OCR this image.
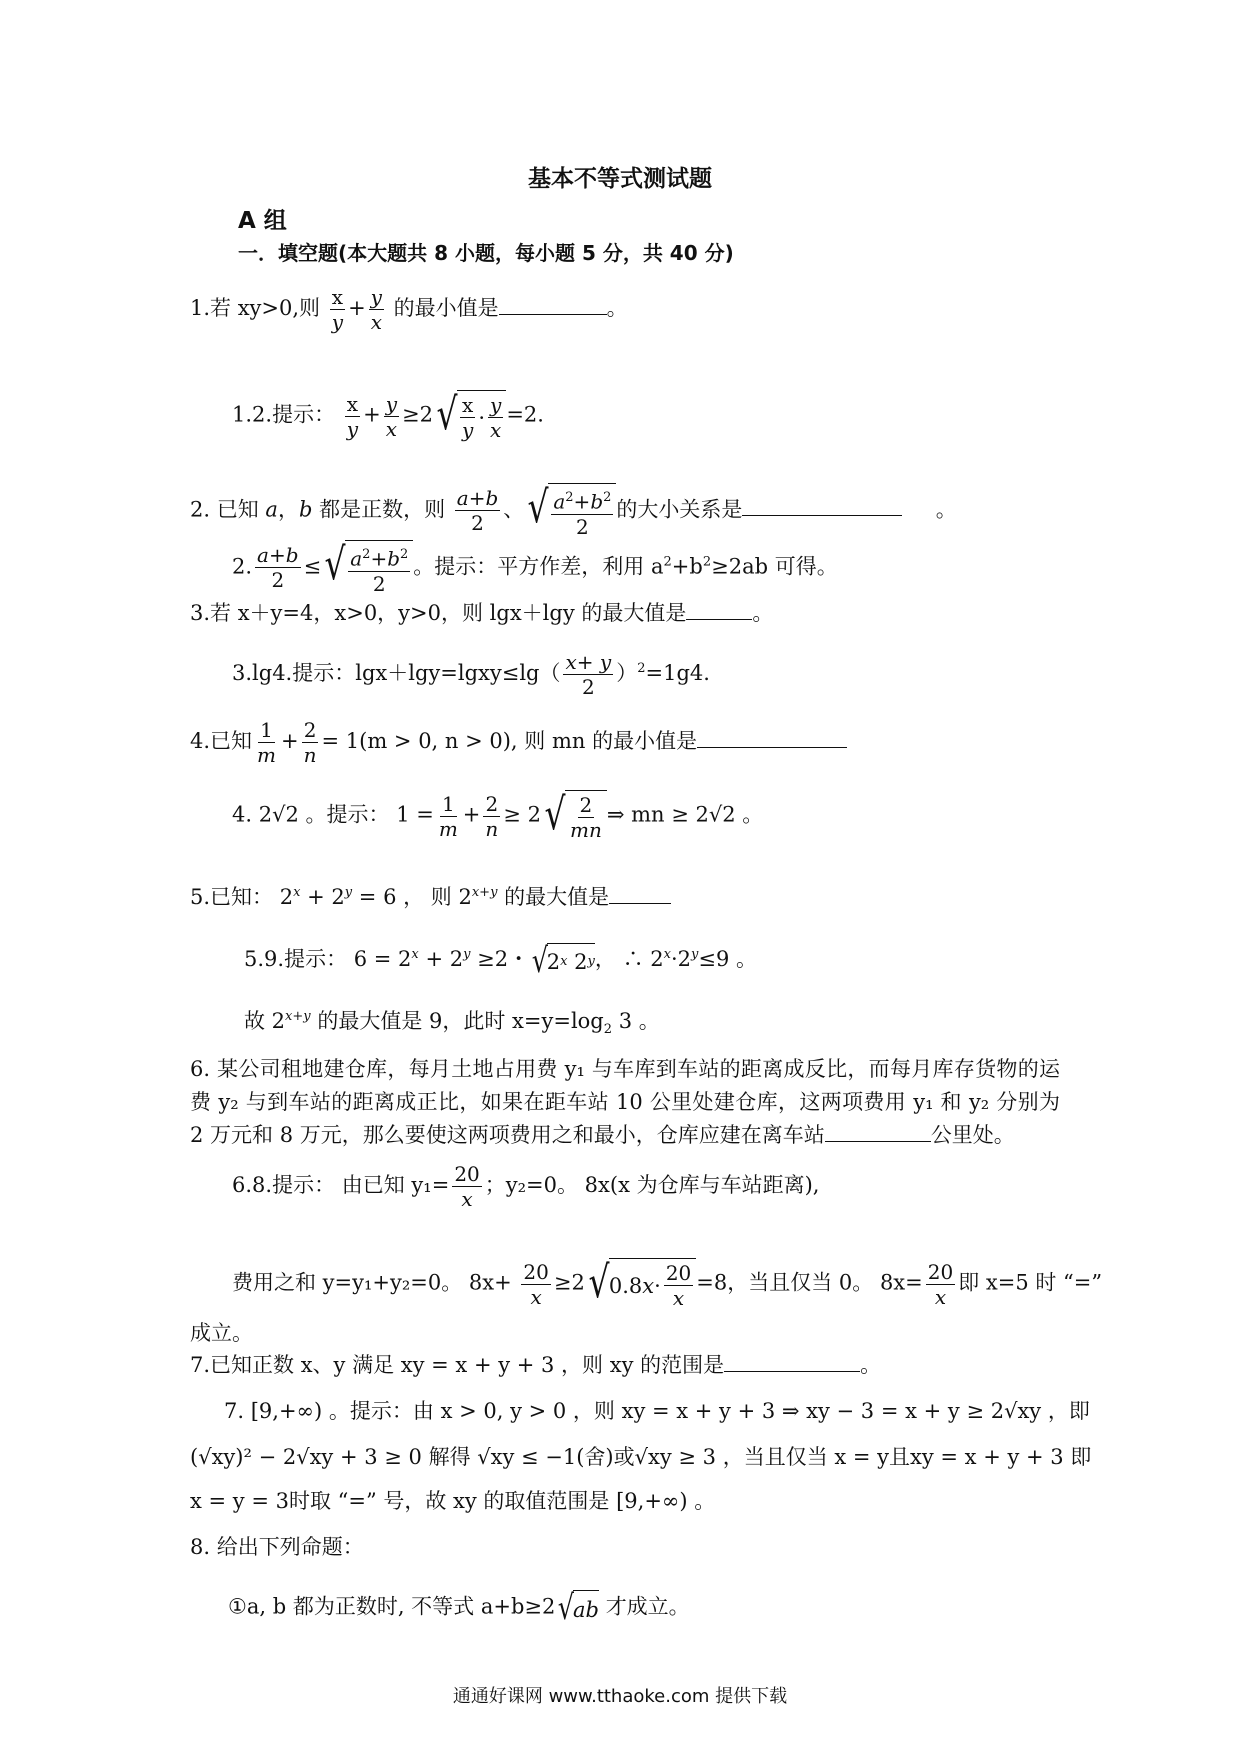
基本不等式测试题
A 组
一．填空题(本大题共 8 小题，每小题 5 分，共 40 分)
1.若 xy>0,则 $\frac{x}{y} + \frac{y}{x}$ 的最小值是	。
1.2.提示： $\frac{x}{y} + \frac{y}{x} \ge 2$ √ $\frac{x}{y} \cdot \frac{y}{x} =2$.
2. 已知 a，b 都是正数，则 $\frac{a+b}{2}$ 、 √ $\frac{a^2+b^2}{2}$ 的大小关系是	。
2. $\frac{a+b}{2}$ ≤ √ $\frac{a^2+b^2}{2}$ 。提示：平方作差，利用 $a^2+b^2\ge 2ab$ 可得。
3.若 x＋y=4，x>0，y>0，则 lgx＋lgy 的最大值是	。
3.lg4.提示：lgx＋lgy=lgxy≤lg（ $\frac{x+ y}{2} )^2=1g4$.
4.已知 $\frac{1}{m} + \frac{2}{n} = 1(m > 0$, n > 0), 则 mn 的最小值是
4. 2√2 。提示： $1 = \frac{1}{m} + \frac{2}{n} \ge 2$ √ $\frac{2}{mn}$ ⇒ mn ≥ 2√2 。
5.已知： $2^x + 2^y = 6$ ， 则 $2^{x+y}$ 的最大值是
5.9.提示： $6 = 2^x + 2^y \ge 2$・ √
2 x 2 y ， ∴ $2^x\cdot 2^y\le 9$ 。
故 $2^{x+y}$ 的最大值是 9，此时 $x=y=\log_2$ 3 。
6. 某公司租地建仓库，每月土地占用费 y₁ 与车库到车站的距离成反比，而每月库存货物的运费 y₂ 与到车站的距离成正比，如果在距车站 10 公里处建仓库，这两项费用 y₁ 和 y₂ 分别为 2 万元和 8 万元，那么要使这两项费用之和最小，仓库应建在离车站	公里处。
6.8.提示： 由已知 $y_1= \frac{20}{x}$ ；y₂=0。 8x(x 为仓库与车站距离),
费用之和 y=y₁+y₂=0。 $8x+ \frac{20}{x} \ge 2$ √ 0.8 $x \cdot \frac{20}{x} =8$，当且仅当 0。 $8x= \frac{20}{x}$ 即 x=5 时 “=”
成立。
7.已知正数 x、y 满足 xy = x + y + 3 ，则 xy 的范围是	。
7. [9,+∞) 。提示：由 x > 0, y > 0 ，则 xy = x + y + 3 ⇒ xy − 3 = x + y ≥ 2√xy ，即
(√xy)² − 2√xy + 3 ≥ 0 解得 √xy ≤ −1(舍)或√xy ≥ 3 ，当且仅当 x = y且xy = x + y + 3 即
x = y = 3时取 “=” 号，故 xy 的取值范围是 [9,+∞) 。
8. 给出下列命题：
①a, b 都为正数时, 不等式 a+b≥2 √
ab 才成立。
通通好课网 www.tthaoke.com 提供下载
